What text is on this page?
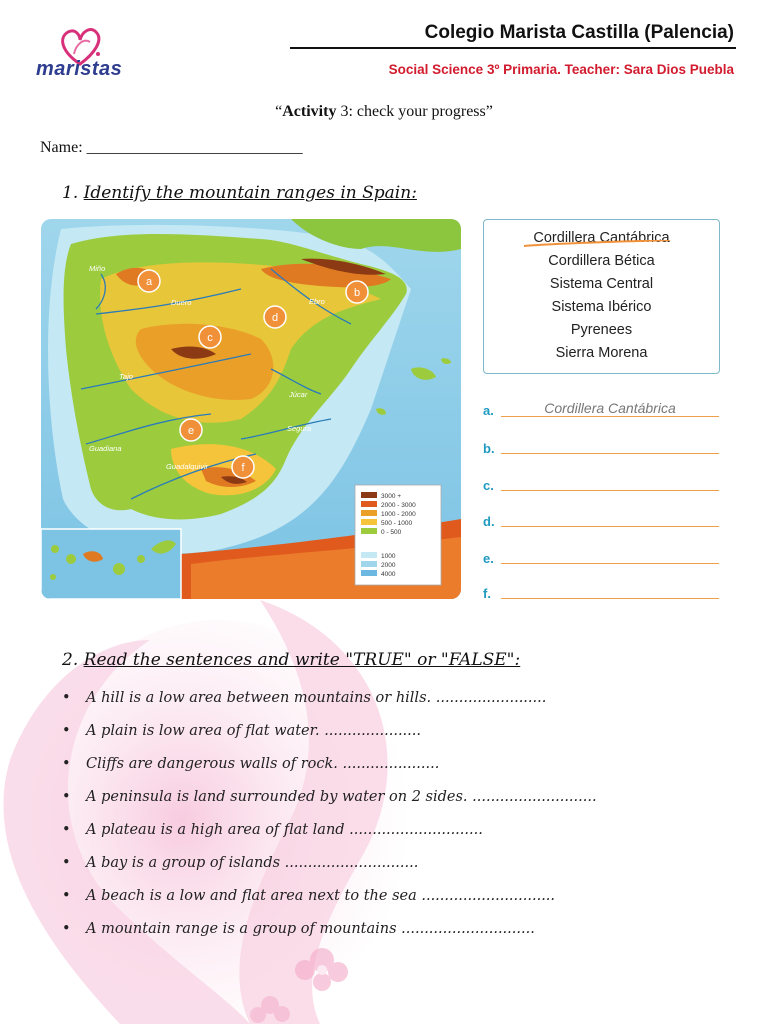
maristas
Colegio Marista Castilla (Palencia)
Social Science 3º Primaria. Teacher: Sara Dios Puebla
“Activity 3: check your progress”
Name: ___________________________
1. Identify the mountain ranges in Spain:
Miño
Duero	Ebro
Tajo
Júcar
Guadiana
Segura
Guadalquivir
a
b
c
d
e
f
3000 +
2000 - 3000
1000 - 2000
500 - 1000
0 - 500
1000
2000
4000
Cordillera Cantábrica
Cordillera Bética
Sistema Central
Sistema Ibérico
Pyrenees
Sierra Morena
a.	Cordillera Cantábrica
b.
c.
d.
e.
f.
2. Read the sentences and write "TRUE" or "FALSE":
• A hill is a low area between mountains or hills. ........................
• A plain is low area of flat water. .....................
• Cliffs are dangerous walls of rock. .....................
• A peninsula is land surrounded by water on 2 sides. ...........................
• A plateau is a high area of flat land .............................
• A bay is a group of islands .............................
• A beach is a low and flat area next to the sea .............................
• A mountain range is a group of mountains .............................
